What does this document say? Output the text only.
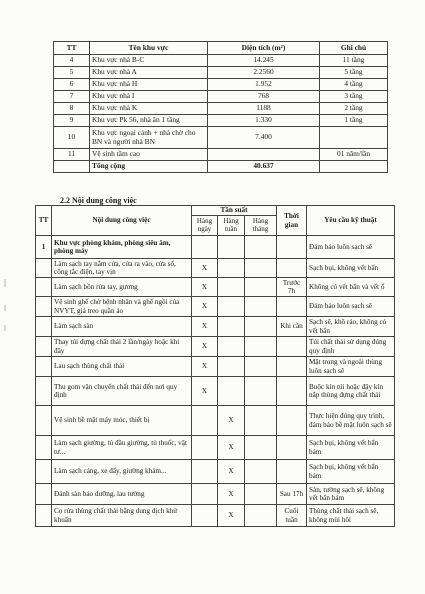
TT	Tên khu vực	Diện tích (m²)	Ghi chú
4	Khu vực nhà B-C	14.245	11 tầng
5	Khu vực nhà A	2.2560	5 tầng
6	Khu vực nhà H	1.952	4 tầng
7	Khu vực nhà I	768	3 tầng
8	Khu vực nhà K	1188	2 tầng
9	Khu vực Pk 56, nhà ăn 1 tầng	1.330	1 tầng
10	Khu vực ngoại cảnh + nhà chờ cho BN và người nhà BN	7.400	
11	Vệ sinh tầm cao		01 năm/lần
	Tổng cộng	40.637	
2.2 Nội dung công việc
TT	Nội dung công việc	Tần suất			Thời gian	Yêu cầu kỹ thuật
		Hàng ngày	Hàng tuần	Hàng tháng		
1	Khu vực phòng khám, phòng siêu âm, phòng máy					Đảm bảo luôn sạch sẽ
	Làm sạch tay nắm cửa, cửa ra vào, cửa sổ, công tắc điện, tay vịn	X				Sạch bụi, không vết bẩn
	Làm sạch bồn rửa tay, gương	X			Trước 7h	Không có vết bẩn và vết ố
	Vệ sinh ghế chờ bệnh nhân và ghế ngồi của NVYT, giá treo quần áo	X				Đảm bảo luôn sạch sẽ
	Làm sạch sàn	X			Khi cần	Sạch sẽ, khô ráo, không có vết bẩn
	Thay túi đựng chất thải 2 lần/ngày hoặc khi đầy	X				Túi chất thải sử dụng đúng quy định
	Lau sạch thùng chất thải	X				Mặt trong và ngoài thùng luôn sạch sẽ
	Thu gom vận chuyển chất thải đến nơi quy định	X				Buộc kín túi hoặc đậy kín nắp thùng đựng chất thải
	Vệ sinh bề mặt máy móc, thiết bị		X			Thực hiện đúng quy trình, đảm bảo bề mặt luôn sạch sẽ
	Làm sạch giường, tủ đầu giường, tủ thuốc, vật tư...		X			Sạch bụi, không vết bẩn bám
	Làm sạch cáng, xe đẩy, giường khám...		X			Sạch bụi, không vết bẩn bám
	Đánh sàn bảo dưỡng, lau tường		X		Sau 17h	Sàn, tường sạch sẽ, không vết bẩn bám
	Cọ rửa thùng chất thải bằng dung dịch khử khuẩn		X		Cuối tuần	Thùng chất thải sạch sẽ, không mùi hôi
